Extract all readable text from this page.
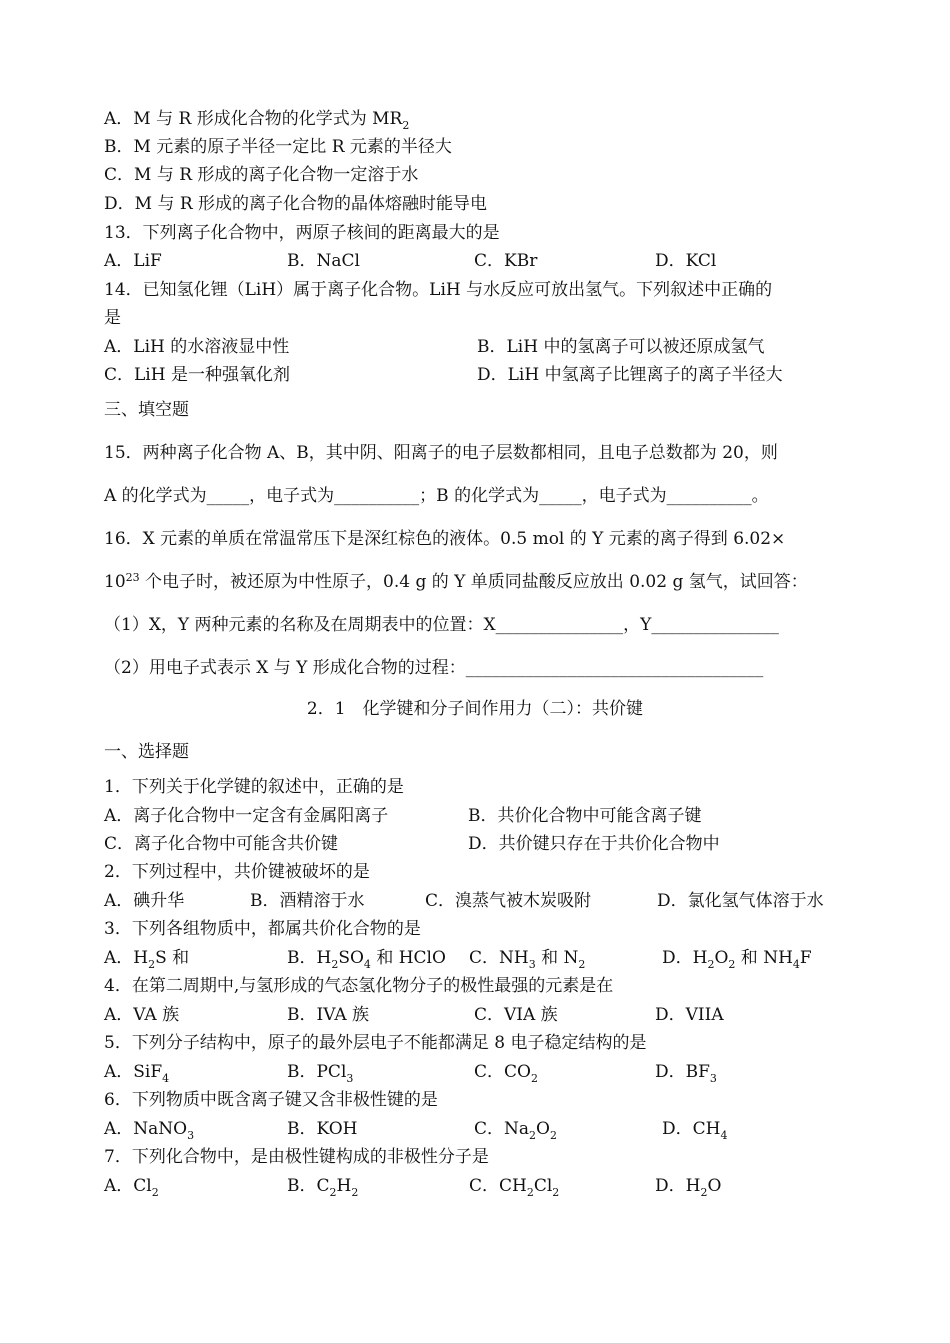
A．M 与 R 形成化合物的化学式为 $MR_2$
B．M 元素的原子半径一定比 R 元素的半径大
C．M 与 R 形成的离子化合物一定溶于水
D．M 与 R 形成的离子化合物的晶体熔融时能导电
13．下列离子化合物中，两原子核间的距离最大的是
A．LiF	B．NaCl	C．KBr	D．KCl
14．已知氢化锂（LiH）属于离子化合物。LiH 与水反应可放出氢气。下列叙述中正确的
是
A．LiH 的水溶液显中性	B．LiH 中的氢离子可以被还原成氢气
C．LiH 是一种强氧化剂	D．LiH 中氢离子比锂离子的离子半径大
三、填空题
15．两种离子化合物 A、B，其中阴、阳离子的电子层数都相同，且电子总数都为 20，则
A 的化学式为_____，电子式为__________；B 的化学式为_____，电子式为__________。
16．X 元素的单质在常温常压下是深红棕色的液体。0.5 mol 的 Y 元素的离子得到 6.02×
$10^{23}$ 个电子时，被还原为中性原子，0.4 g 的 Y 单质同盐酸反应放出 0.02 g 氢气，试回答：
（1）X，Y 两种元素的名称及在周期表中的位置：X_______________，Y_______________
（2）用电子式表示 X 与 Y 形成化合物的过程：___________________________________
2．1　化学键和分子间作用力（二）：共价键
一、选择题
1．下列关于化学键的叙述中，正确的是
A．离子化合物中一定含有金属阳离子	B．共价化合物中可能含离子键
C．离子化合物中可能含共价键	D．共价键只存在于共价化合物中
2．下列过程中，共价键被破坏的是
A．碘升华	B．酒精溶于水	C．溴蒸气被木炭吸附	D．氯化氢气体溶于水
3．下列各组物质中，都属共价化合物的是
A．$H_2S$ 和	B．$H_2SO_4$ 和 HClO C．$NH_3$ 和 $N_2$	D．$H_2O_2$ 和 $NH_4F$
4．在第二周期中,与氢形成的气态氢化物分子的极性最强的元素是在
A．VA 族	B．IVA 族	C．VIA 族	D．VIIA
5．下列分子结构中，原子的最外层电子不能都满足 8 电子稳定结构的是
A．SiF$_4$	B．PCl$_3$	C．$CO_2$	D．$BF_3$
6．下列物质中既含离子键又含非极性键的是
A．NaNO$_3$	B．KOH	C．$Na_2O_2$	D．$CH_4$
7．下列化合物中，是由极性键构成的非极性分子是
A．$Cl_2$	B．$C_2H_2$	C．$CH_2Cl_2$	D．$H_2O$
